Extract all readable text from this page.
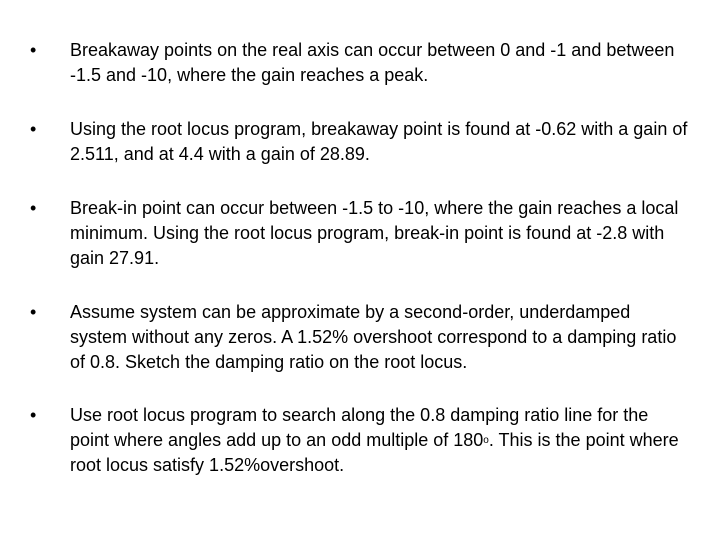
•	Breakaway points on the real axis can occur between 0 and -1 and between -1.5 and -10, where the gain reaches a peak.
•	Using the root locus program, breakaway point is found at -0.62 with a gain of 2.511, and at 4.4 with a gain of 28.89.
•	Break-in point can occur between -1.5 to -10, where the gain reaches a local minimum. Using the root locus program, break-in point is found at -2.8 with gain 27.91.
•	Assume system can be approximate by a second-order, underdamped system without any zeros. A 1.52% overshoot correspond to a damping ratio of 0.8. Sketch the damping ratio on the root locus.
•	Use root locus program to search along the 0.8 damping ratio line for the point where angles add up to an odd multiple of 180$^o$. This is the point where root locus satisfy 1.52%overshoot.
